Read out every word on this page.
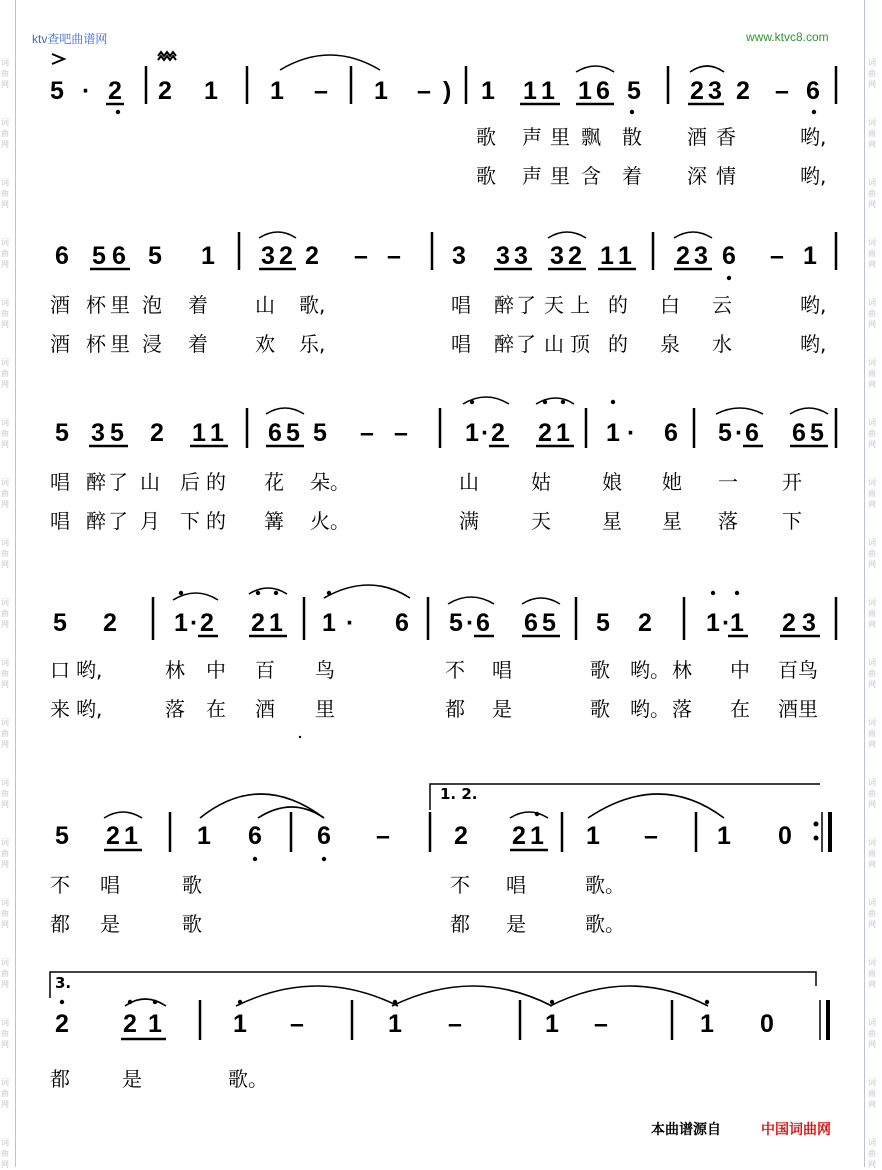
词
曲
网
词
曲
网
词
曲
网
词
曲
网
词
曲
网
词
曲
网
词
曲
网
词
曲
网
词
曲
网
词
曲
网
词
曲
网
词
曲
网
词
曲
网
词
曲
网
词
曲
网
词
曲
网
词
曲
网
词
曲
网
词
曲
网
词
曲
网
词
曲
网
词
曲
网
词
曲
网
词
曲
网
词
曲
网
词
曲
网
词
曲
网
词
曲
网
词
曲
网
词
曲
网
词
曲
网
词
曲
网
词
曲
网
词
曲
网
词
曲
网
词
曲
网
词
曲
网
词
曲
网
ktv查吧曲谱网	www.ktvc8.com
5 · 2 2 1 1 – 1 – ) 1 1 1 1 6 5 2 3 2 – 6
歌 声 里 飘 散 酒 香	哟,
歌 声 里 含 着 深 情	哟,
6 5 6 5 1 3 2 2 – – 3 3 3 3 2 1 1 2 3 6 – 1
酒 杯 里 泡 着 山 歌,	唱 醉 了 天 上 的 白 云	哟,
酒 杯 里 浸 着 欢 乐,	唱 醉 了 山 顶 的 泉 水	哟,
5 3 5 2 1 1 6 5 5 – – 1 · 2 2 1 1 · 6 5 · 6 6 5
唱 醉 了 山 后 的 花 朵。	山	姑	娘 她 一 开
唱 醉 了 月 下 的 篝 火。	满	天	星 星 落 下
5 2 1 · 2 2 1 1 · 6 5 · 6 6 5 5 2 1 · 1 2 3
口 哟,	林 中 百 鸟	不 唱	歌 哟。 林 中 百 鸟
来 哟,	落 在 酒 里	都 是	歌 哟。 落 在 酒 里
1. 2.
5 2 1 1 6 6 –	2 2 1 1 – 1 0
不 唱	歌	不 唱	歌。
都 是	歌	都 是	歌。
3.
2 2 1	1 –	1 –	1 –	1 0
都	是	歌。
本曲谱源自	中国词曲网
